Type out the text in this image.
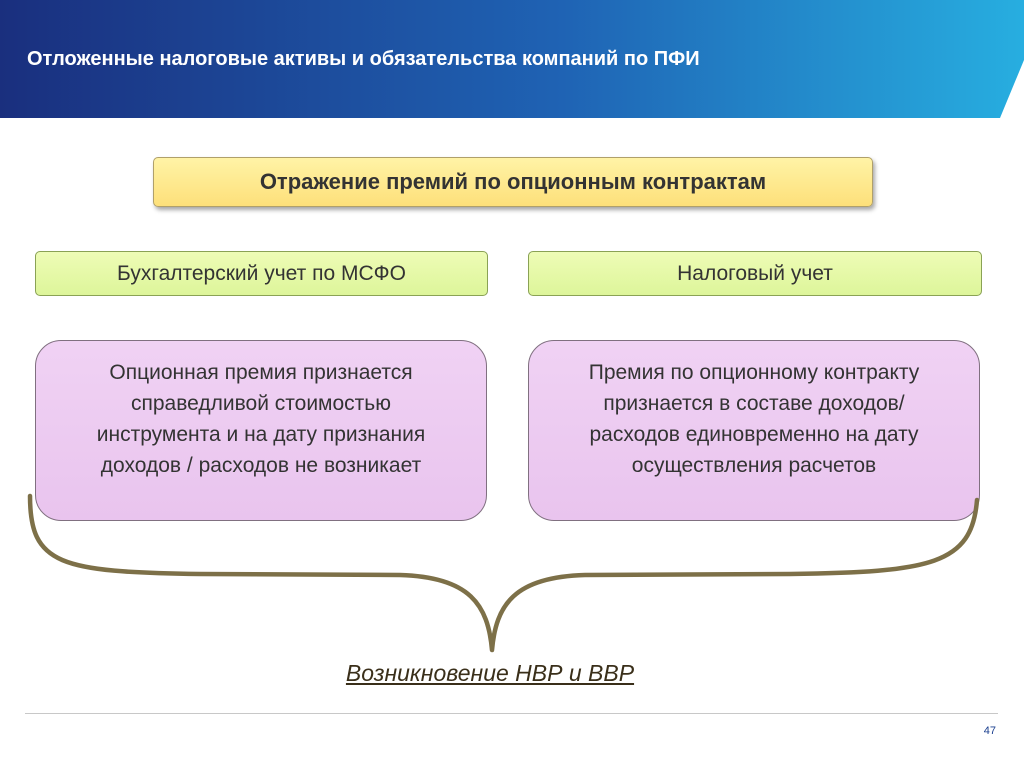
Отложенные налоговые активы и обязательства компаний по ПФИ
Отражение премий по опционным контрактам
Бухгалтерский учет по МСФО	Налоговый учет
Опционная премия признается
справедливой стоимостью
инструмента и на дату признания
доходов / расходов не возникает
Премия по опционному контракту
признается в составе доходов/
расходов единовременно на дату
осуществления расчетов
Возникновение НВР и ВВР
47
